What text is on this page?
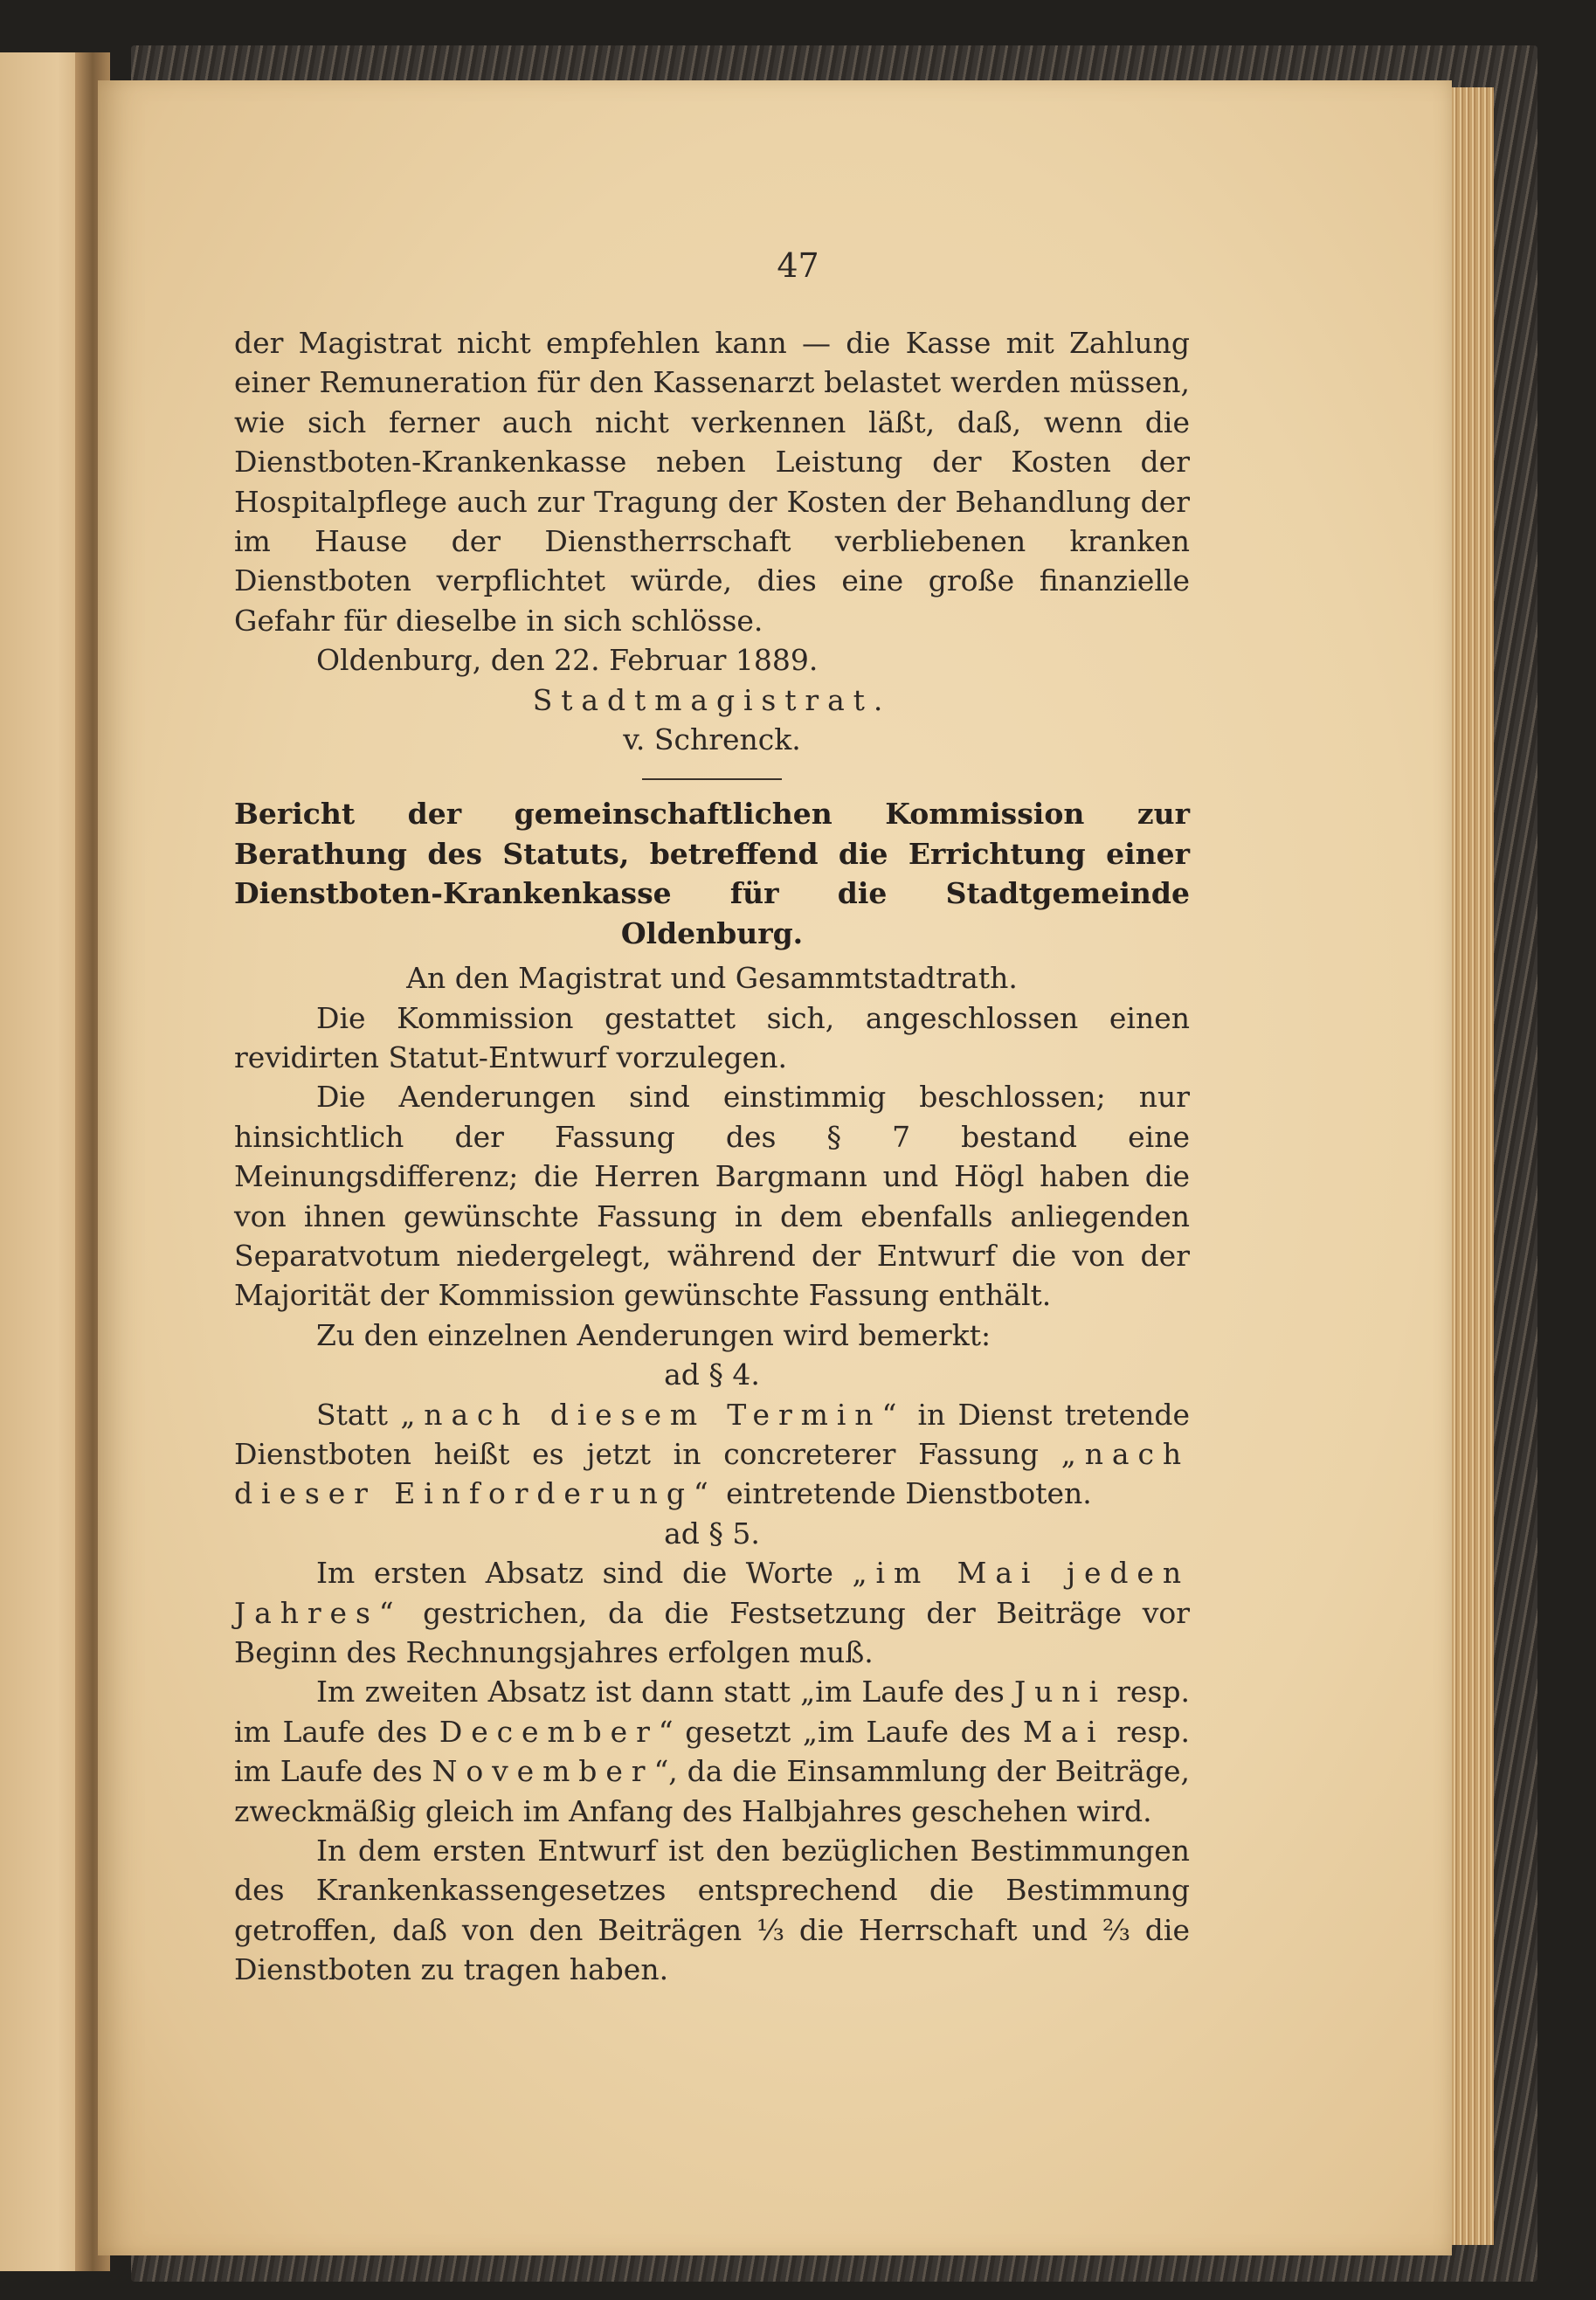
47

der Magistrat nicht empfehlen kann — die Kasse mit Zahlung einer Remuneration für den Kassenarzt belastet werden müssen, wie sich ferner auch nicht verkennen läßt, daß, wenn die Dienstboten-Krankenkasse neben Leistung der Kosten der Hospitalpflege auch zur Tragung der Kosten der Behandlung der im Hause der Dienstherrschaft verbliebenen kranken Dienstboten verpflichtet würde, dies eine große finanzielle Gefahr für dieselbe in sich schlösse.

Oldenburg, den 22. Februar 1889.

Stadtmagistrat.

v. Schrenck.

Bericht der gemeinschaftlichen Kommission zur Berathung des Statuts, betreffend die Errichtung einer Dienstboten-Krankenkasse für die Stadtgemeinde Oldenburg.

An den Magistrat und Gesammtstadtrath.

Die Kommission gestattet sich, angeschlossen einen revidirten Statut-Entwurf vorzulegen.

Die Aenderungen sind einstimmig beschlossen; nur hinsichtlich der Fassung des § 7 bestand eine Meinungsdifferenz; die Herren Bargmann und Högl haben die von ihnen gewünschte Fassung in dem ebenfalls anliegenden Separatvotum niedergelegt, während der Entwurf die von der Majorität der Kommission gewünschte Fassung enthält.

Zu den einzelnen Aenderungen wird bemerkt:

ad § 4.

Statt „nach diesem Termin“ in Dienst tretende Dienstboten heißt es jetzt in concreterer Fassung „nach dieser Einforderung“ eintretende Dienstboten.

ad § 5.

Im ersten Absatz sind die Worte „im Mai jeden Jahres“ gestrichen, da die Festsetzung der Beiträge vor Beginn des Rechnungsjahres erfolgen muß.

Im zweiten Absatz ist dann statt „im Laufe des Juni resp. im Laufe des December“ gesetzt „im Laufe des Mai resp. im Laufe des November“, da die Einsammlung der Beiträge, zweckmäßig gleich im Anfang des Halbjahres geschehen wird.

In dem ersten Entwurf ist den bezüglichen Bestimmungen des Krankenkassengesetzes entsprechend die Bestimmung getroffen, daß von den Beiträgen ⅓ die Herrschaft und ⅔ die Dienstboten zu tragen haben.
